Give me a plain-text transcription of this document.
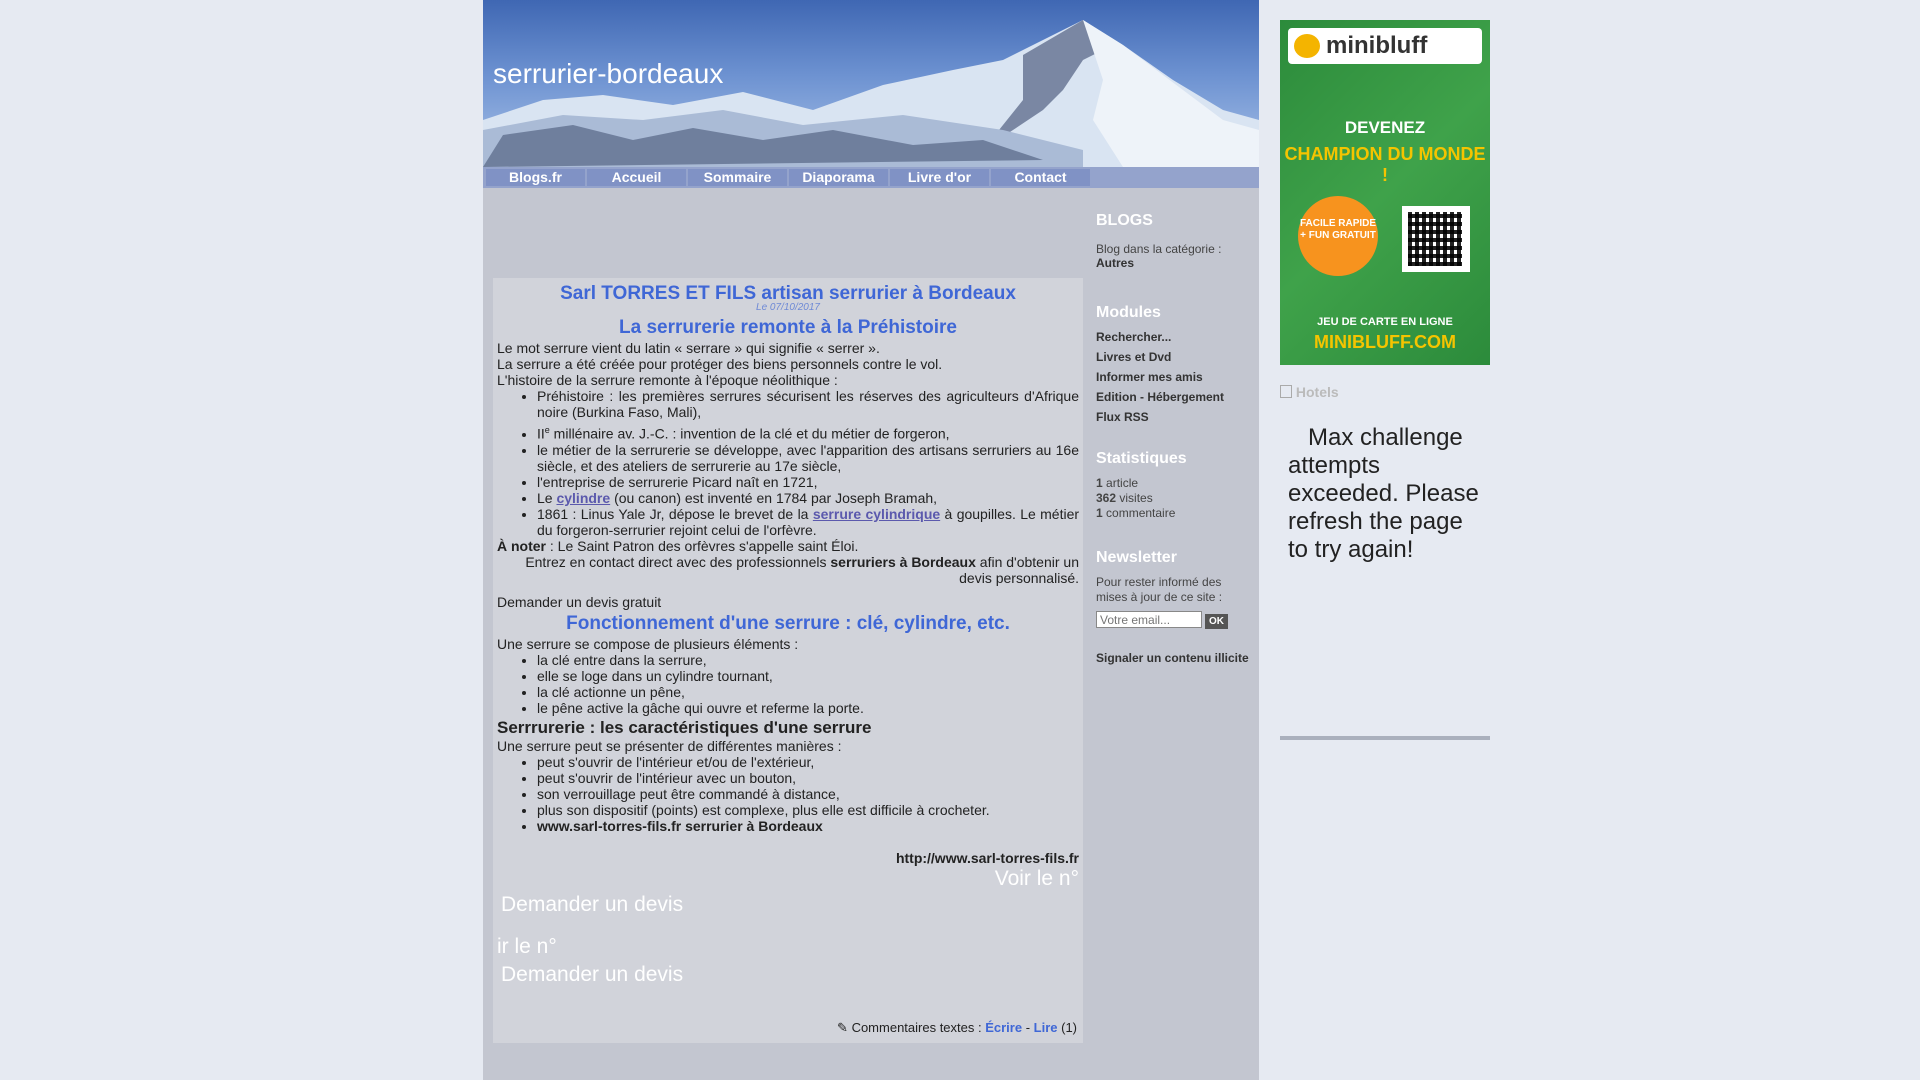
serrurier-bordeaux
Blogs.fr	Accueil	Sommaire	Diaporama	Livre d'or	Contact
Sarl TORRES ET FILS artisan serrurier à Bordeaux
Le 07/10/2017
La serrurerie remonte à la Préhistoire

Le mot serrure vient du latin « serrare » qui signifie « serrer ».

La serrure a été créée pour protéger des biens personnels contre le vol.

L'histoire de la serrure remonte à l'époque néolithique :

• Préhistoire : les premières serrures sécurisent les réserves des agriculteurs d'Afrique noire (Burkina Faso, Mali),
• IIe millénaire av. J.-C. : invention de la clé et du métier de forgeron,
• le métier de la serrurerie se développe, avec l'apparition des artisans serruriers au 16e siècle, et des ateliers de serrurerie au 17e siècle,
• l'entreprise de serrurerie Picard naît en 1721,
• Le cylindre (ou canon) est inventé en 1784 par Joseph Bramah,
• 1861 : Linus Yale Jr, dépose le brevet de la serrure cylindrique à goupilles. Le métier du forgeron-serrurier rejoint celui de l'orfèvre.

À noter : Le Saint Patron des orfèvres s'appelle saint Éloi.

Entrez en contact direct avec des professionnels serruriers à Bordeaux afin d'obtenir un devis personnalisé.

Demander un devis gratuit

Fonctionnement d'une serrure : clé, cylindre, etc.

Une serrure se compose de plusieurs éléments :

• la clé entre dans la serrure,
• elle se loge dans un cylindre tournant,
• la clé actionne un pêne,
• le pêne active la gâche qui ouvre et referme la porte.
Serrrurerie : les caractéristiques d'une serrure

Une serrure peut se présenter de différentes manières :

• peut s'ouvrir de l'intérieur et/ou de l'extérieur,
• peut s'ouvrir de l'intérieur avec un bouton,
• son verrouillage peut être commandé à distance,
• plus son dispositif (points) est complexe, plus elle est difficile à crocheter.
• www.sarl-torres-fils.fr serrurier à Bordeaux

http://www.sarl-torres-fils.fr

Voir le n°

Demander un devis

ir le n°

Demander un devis

✎ Commentaires textes : Écrire - Lire (1)
BLOGS
Blog dans la catégorie :
Autres
Modules
Rechercher...
Livres et Dvd
Informer mes amis
Edition - Hébergement
Flux RSS
Statistiques
1 article
362 visites
1 commentaire
Newsletter
Pour rester informé des mises à jour de ce site :
Votre email...OK
Signaler un contenu illicite
minibluff
DEVENEZ
CHAMPION DU MONDE !
FACILE RAPIDE + FUN GRATUIT
JEU DE CARTE EN LIGNE
MINIBLUFF.COM
Hotels
Max challenge attempts exceeded. Please refresh the page to try again!
